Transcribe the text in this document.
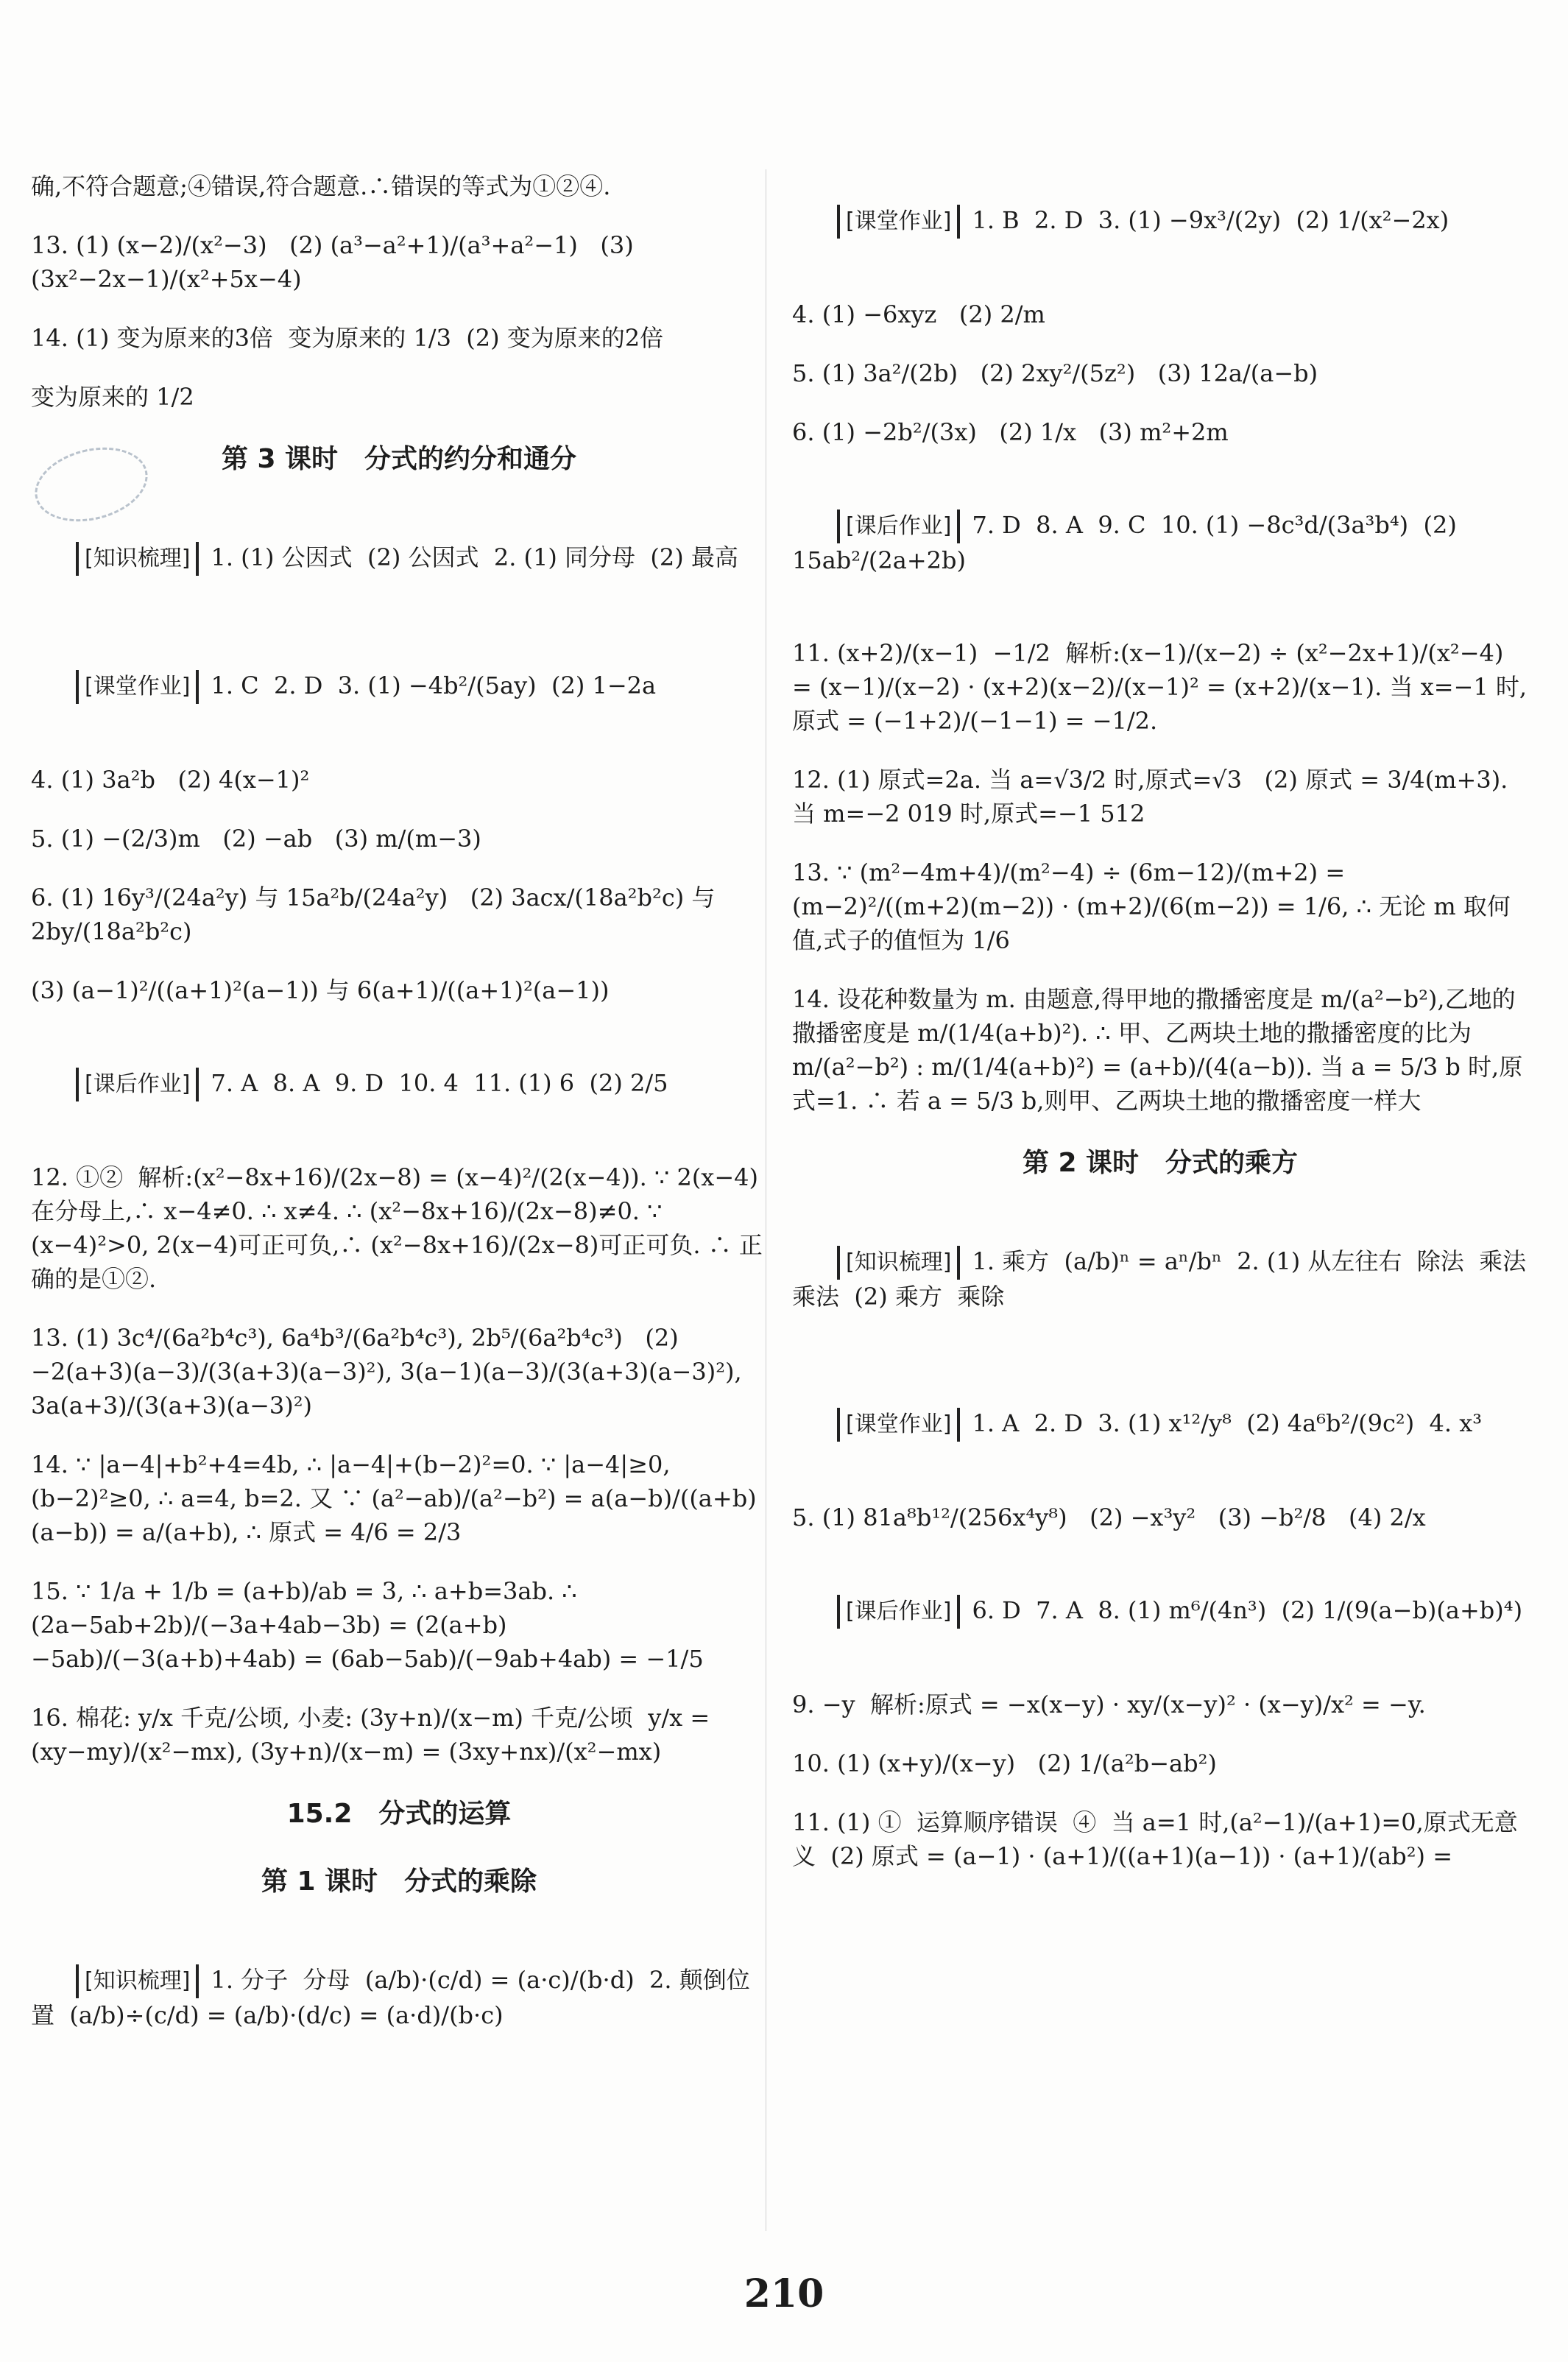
确,不符合题意;④错误,符合题意.∴错误的等式为①②④.
13. (1) (x−2)/(x²−3)   (2) (a³−a²+1)/(a³+a²−1)   (3) (3x²−2x−1)/(x²+5x−4)
14. (1) 变为原来的3倍  变为原来的 1/3  (2) 变为原来的2倍
变为原来的 1/2
第 3 课时　分式的约分和通分

[知识梳理] 1. (1) 公因式  (2) 公因式  2. (1) 同分母  (2) 最高

[课堂作业] 1. C  2. D  3. (1) −4b²/(5ay)  (2) 1−2a

4. (1) 3a²b   (2) 4(x−1)²
5. (1) −(2/3)m   (2) −ab   (3) m/(m−3)
6. (1) 16y³/(24a²y) 与 15a²b/(24a²y)   (2) 3acx/(18a²b²c) 与 2by/(18a²b²c)
(3) (a−1)²/((a+1)²(a−1)) 与 6(a+1)/((a+1)²(a−1))

[课后作业] 7. A  8. A  9. D  10. 4  11. (1) 6  (2) 2/5

12. ①②  解析:(x²−8x+16)/(2x−8) = (x−4)²/(2(x−4)). ∵ 2(x−4) 在分母上,∴ x−4≠0. ∴ x≠4. ∴ (x²−8x+16)/(2x−8)≠0. ∵ (x−4)²>0, 2(x−4)可正可负,∴ (x²−8x+16)/(2x−8)可正可负. ∴ 正确的是①②.
13. (1) 3c⁴/(6a²b⁴c³), 6a⁴b³/(6a²b⁴c³), 2b⁵/(6a²b⁴c³)   (2) −2(a+3)(a−3)/(3(a+3)(a−3)²), 3(a−1)(a−3)/(3(a+3)(a−3)²), 3a(a+3)/(3(a+3)(a−3)²)
14. ∵ |a−4|+b²+4=4b, ∴ |a−4|+(b−2)²=0. ∵ |a−4|≥0, (b−2)²≥0, ∴ a=4, b=2. 又 ∵ (a²−ab)/(a²−b²) = a(a−b)/((a+b)(a−b)) = a/(a+b), ∴ 原式 = 4/6 = 2/3
15. ∵ 1/a + 1/b = (a+b)/ab = 3, ∴ a+b=3ab. ∴ (2a−5ab+2b)/(−3a+4ab−3b) = (2(a+b)−5ab)/(−3(a+b)+4ab) = (6ab−5ab)/(−9ab+4ab) = −1/5
16. 棉花: y/x 千克/公顷, 小麦: (3y+n)/(x−m) 千克/公顷  y/x = (xy−my)/(x²−mx), (3y+n)/(x−m) = (3xy+nx)/(x²−mx)
15.2　分式的运算
第 1 课时　分式的乘除

[知识梳理] 1. 分子  分母  (a/b)·(c/d) = (a·c)/(b·d)  2. 颠倒位置  (a/b)÷(c/d) = (a/b)·(d/c) = (a·d)/(b·c)

[课堂作业] 1. B  2. D  3. (1) −9x³/(2y)  (2) 1/(x²−2x)

4. (1) −6xyz   (2) 2/m
5. (1) 3a²/(2b)   (2) 2xy²/(5z²)   (3) 12a/(a−b)
6. (1) −2b²/(3x)   (2) 1/x   (3) m²+2m

[课后作业] 7. D  8. A  9. C  10. (1) −8c³d/(3a³b⁴)  (2) 15ab²/(2a+2b)

11. (x+2)/(x−1)  −1/2  解析:(x−1)/(x−2) ÷ (x²−2x+1)/(x²−4) = (x−1)/(x−2) · (x+2)(x−2)/(x−1)² = (x+2)/(x−1). 当 x=−1 时,原式 = (−1+2)/(−1−1) = −1/2.
12. (1) 原式=2a. 当 a=√3/2 时,原式=√3   (2) 原式 = 3/4(m+3). 当 m=−2 019 时,原式=−1 512
13. ∵ (m²−4m+4)/(m²−4) ÷ (6m−12)/(m+2) = (m−2)²/((m+2)(m−2)) · (m+2)/(6(m−2)) = 1/6, ∴ 无论 m 取何值,式子的值恒为 1/6
14. 设花种数量为 m. 由题意,得甲地的撒播密度是 m/(a²−b²),乙地的撒播密度是 m/(1/4(a+b)²). ∴ 甲、乙两块土地的撒播密度的比为 m/(a²−b²) : m/(1/4(a+b)²) = (a+b)/(4(a−b)). 当 a = 5/3 b 时,原式=1. ∴ 若 a = 5/3 b,则甲、乙两块土地的撒播密度一样大
第 2 课时　分式的乘方

[知识梳理] 1. 乘方  (a/b)ⁿ = aⁿ/bⁿ  2. (1) 从左往右  除法  乘法  乘法  (2) 乘方  乘除

[课堂作业] 1. A  2. D  3. (1) x¹²/y⁸  (2) 4a⁶b²/(9c²)  4. x³

5. (1) 81a⁸b¹²/(256x⁴y⁸)   (2) −x³y²   (3) −b²/8   (4) 2/x

[课后作业] 6. D  7. A  8. (1) m⁶/(4n³)  (2) 1/(9(a−b)(a+b)⁴)

9. −y  解析:原式 = −x(x−y) · xy/(x−y)² · (x−y)/x² = −y.
10. (1) (x+y)/(x−y)   (2) 1/(a²b−ab²)
11. (1) ①  运算顺序错误  ④  当 a=1 时,(a²−1)/(a+1)=0,原式无意义  (2) 原式 = (a−1) · (a+1)/((a+1)(a−1)) · (a+1)/(ab²) =
210
